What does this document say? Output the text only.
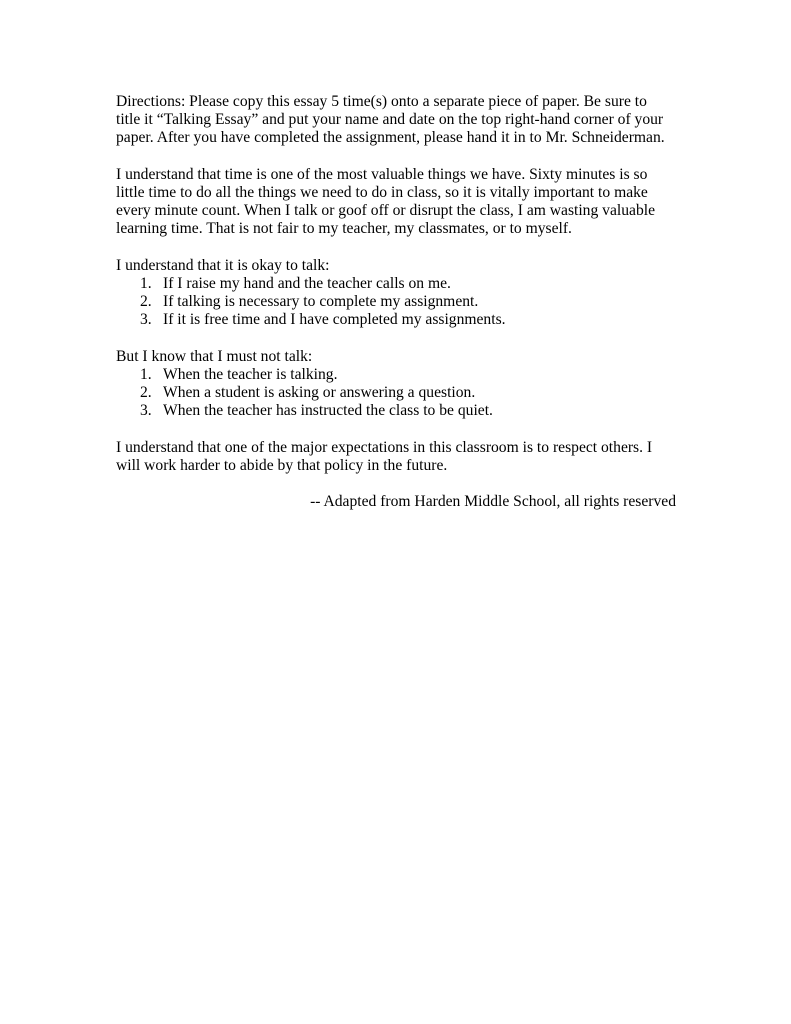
Directions: Please copy this essay 5 time(s) onto a separate piece of paper. Be sure to
title it “Talking Essay” and put your name and date on the top right-hand corner of your
paper. After you have completed the assignment, please hand it in to Mr. Schneiderman.

I understand that time is one of the most valuable things we have. Sixty minutes is so
little time to do all the things we need to do in class, so it is vitally important to make
every minute count. When I talk or goof off or disrupt the class, I am wasting valuable
learning time. That is not fair to my teacher, my classmates, or to myself.

I understand that it is okay to talk:

1. If I raise my hand and the teacher calls on me.
2. If talking is necessary to complete my assignment.
3. If it is free time and I have completed my assignments.

But I know that I must not talk:

1. When the teacher is talking.
2. When a student is asking or answering a question.
3. When the teacher has instructed the class to be quiet.

I understand that one of the major expectations in this classroom is to respect others. I
will work harder to abide by that policy in the future.

-- Adapted from Harden Middle School, all rights reserved
